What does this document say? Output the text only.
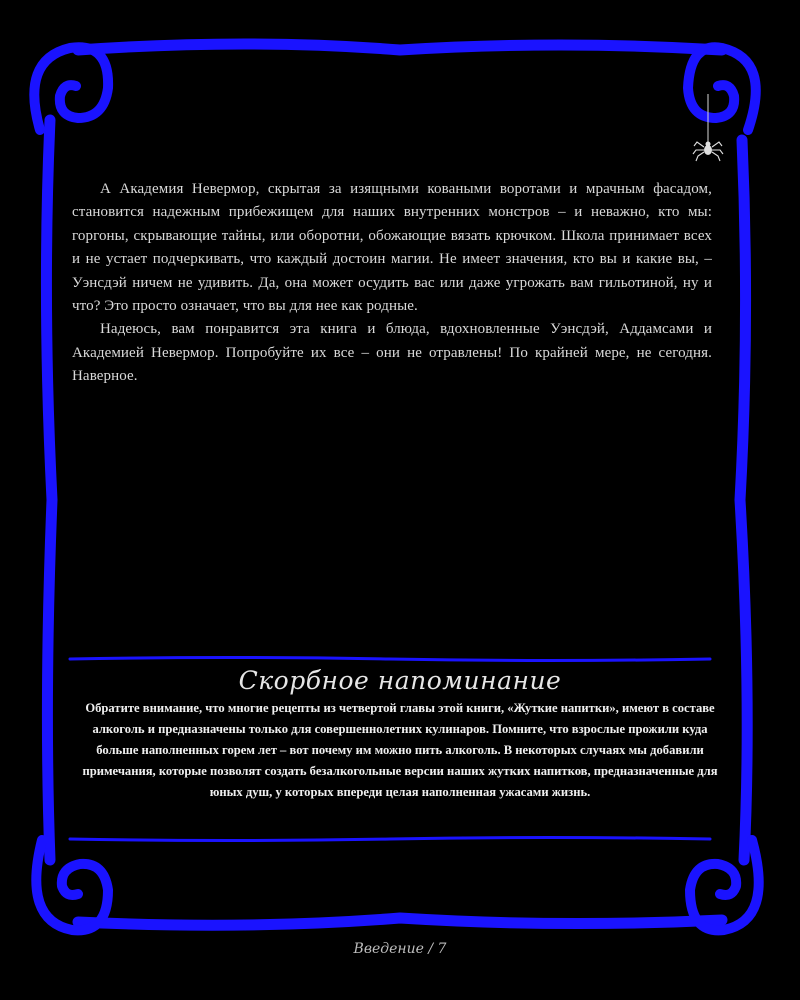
А Академия Невермор, скрытая за изящными коваными воротами и мрачным фасадом, становится надежным прибежищем для наших внутренних монстров – и неважно, кто мы: горгоны, скрывающие тайны, или оборотни, обожающие вязать крючком. Школа принимает всех и не устает подчеркивать, что каждый достоин магии. Не имеет значения, кто вы и какие вы, – Уэнсдэй ничем не удивить. Да, она может осудить вас или даже угрожать вам гильотиной, ну и что? Это просто означает, что вы для нее как родные.

Надеюсь, вам понравится эта книга и блюда, вдохновленные Уэнсдэй, Аддамсами и Академией Невермор. Попробуйте их все – они не отравлены! По крайней мере, не сегодня. Наверное.

Скорбное напоминание
Обратите внимание, что многие рецепты из четвертой главы этой книги, «Жуткие напитки», имеют в составе алкоголь и предназначены только для совершеннолетних кулинаров. Помните, что взрослые прожили куда больше наполненных горем лет – вот почему им можно пить алкоголь. В некоторых случаях мы добавили примечания, которые позволят создать безалкогольные версии наших жутких напитков, предназначенные для юных душ, у которых впереди целая наполненная ужасами жизнь.
Введение / 7
